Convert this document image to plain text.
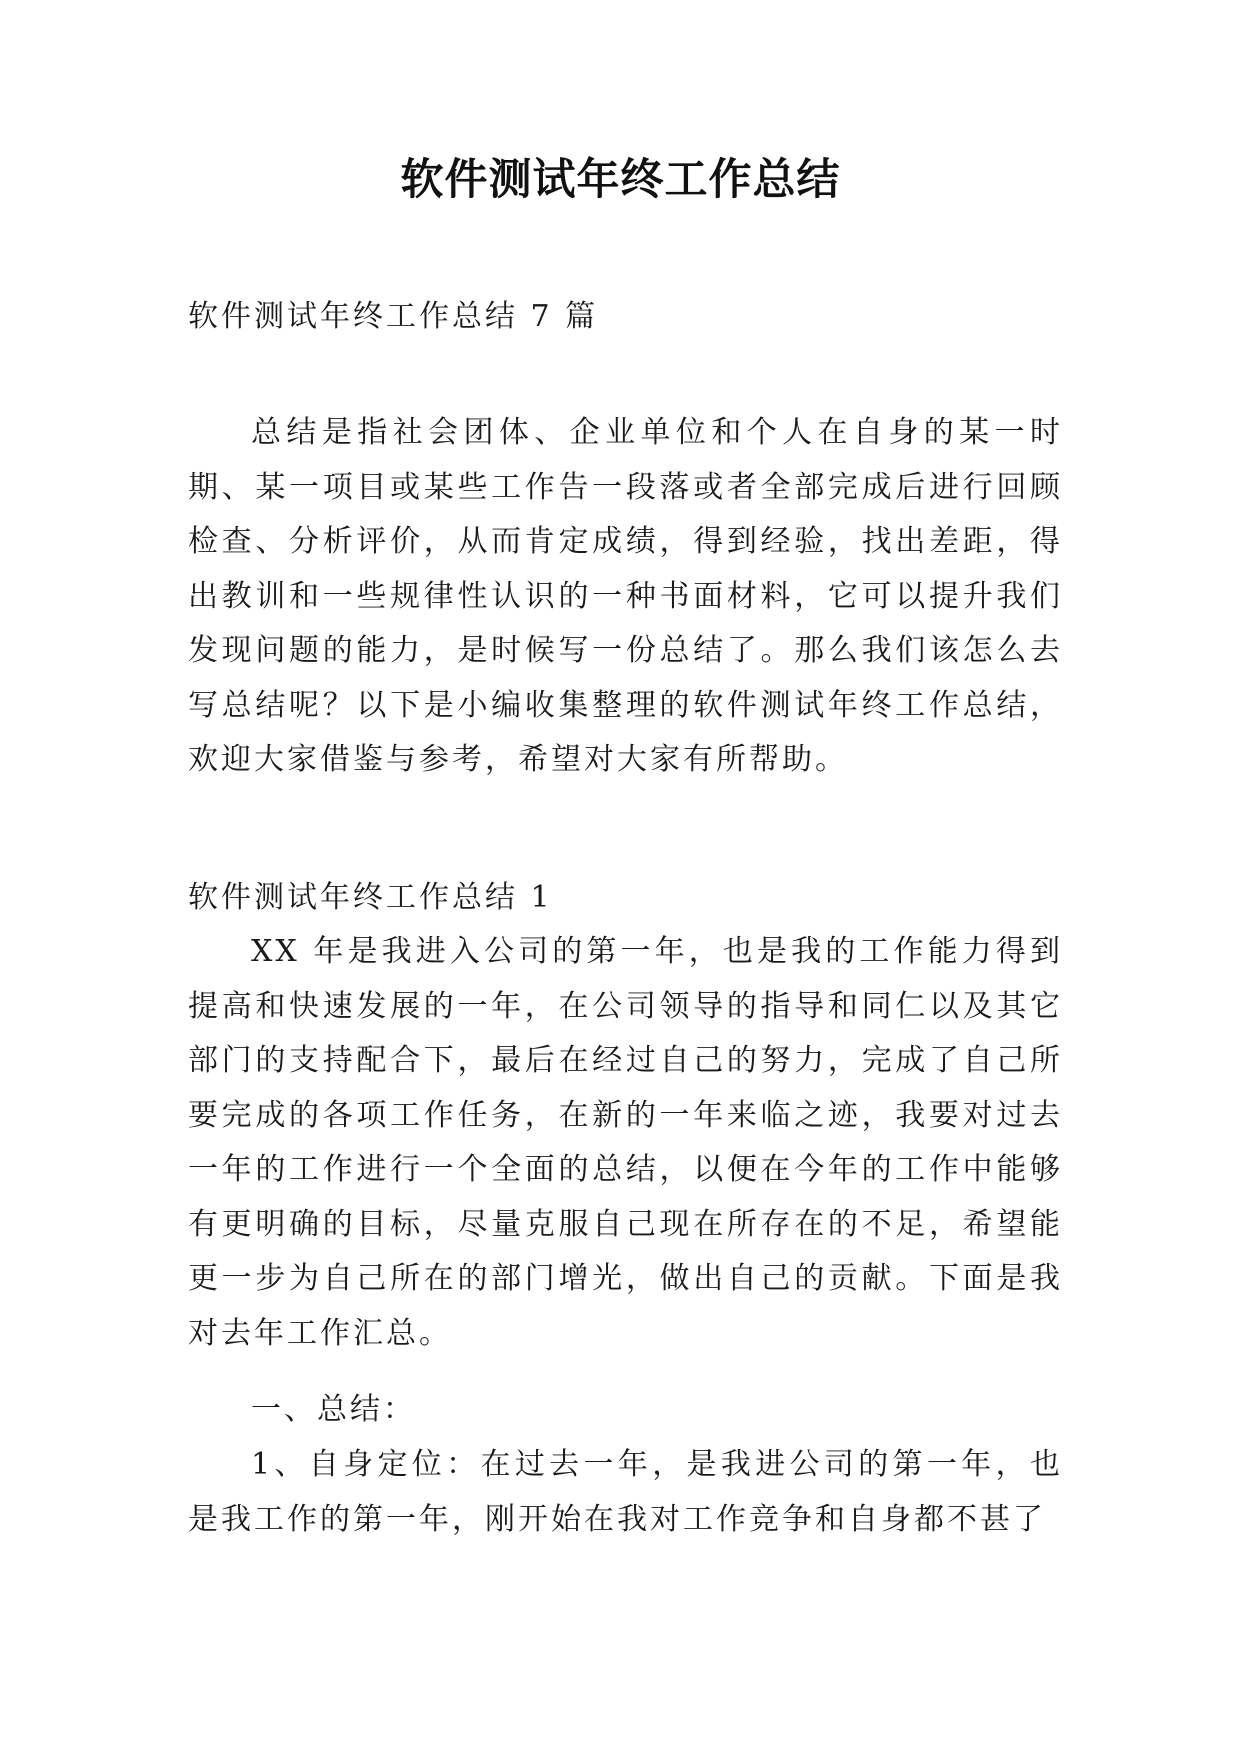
软件测试年终工作总结
软件测试年终工作总结 7 篇
总结是指社会团体、企业单位和个人在自身的某一时期、某一项目或某些工作告一段落或者全部完成后进行回顾检查、分析评价，从而肯定成绩，得到经验，找出差距，得出教训和一些规律性认识的一种书面材料，它可以提升我们发现问题的能力，是时候写一份总结了。那么我们该怎么去写总结呢？以下是小编收集整理的软件测试年终工作总结，欢迎大家借鉴与参考，希望对大家有所帮助。
软件测试年终工作总结 1
XX 年是我进入公司的第一年，也是我的工作能力得到提高和快速发展的一年，在公司领导的指导和同仁以及其它部门的支持配合下，最后在经过自己的努力，完成了自己所要完成的各项工作任务，在新的一年来临之迹，我要对过去一年的工作进行一个全面的总结，以便在今年的工作中能够有更明确的目标，尽量克服自己现在所存在的不足，希望能更一步为自己所在的部门增光，做出自己的贡献。下面是我对去年工作汇总。
一、总结：
1、自身定位：在过去一年，是我进公司的第一年，也是我工作的第一年，刚开始在我对工作竞争和自身都不甚了
